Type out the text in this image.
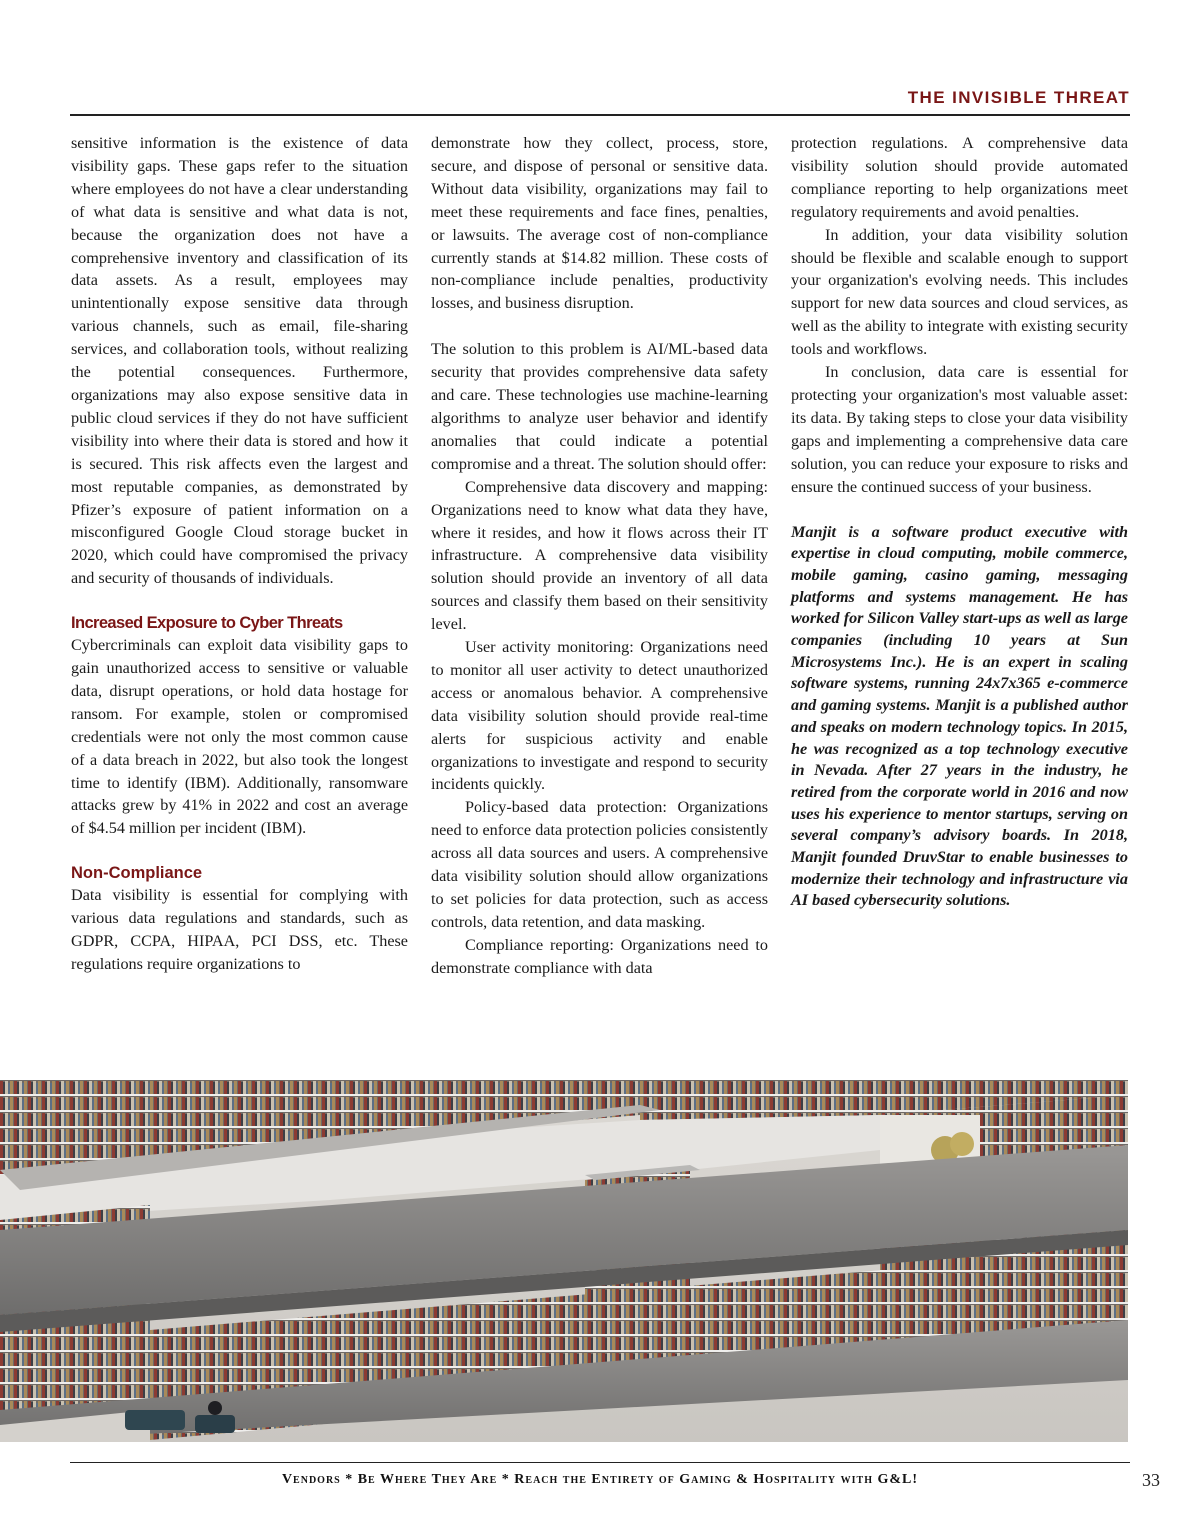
THE INVISIBLE THREAT

sensitive information is the existence of data visibility gaps. These gaps refer to the situation where employees do not have a clear understanding of what data is sensitive and what data is not, because the organization does not have a comprehensive inventory and classification of its data assets. As a result, employees may unintentionally expose sensitive data through various channels, such as email, file-sharing services, and collaboration tools, without realizing the potential consequences. Furthermore, organizations may also expose sensitive data in public cloud services if they do not have sufficient visibility into where their data is stored and how it is secured. This risk affects even the largest and most reputable companies, as demonstrated by Pfizer’s exposure of patient information on a misconfigured Google Cloud storage bucket in 2020, which could have compromised the privacy and security of thousands of individuals.

Increased Exposure to Cyber Threats

Cybercriminals can exploit data visibility gaps to gain unauthorized access to sensitive or valuable data, disrupt operations, or hold data hostage for ransom. For example, stolen or compromised credentials were not only the most common cause of a data breach in 2022, but also took the longest time to identify (IBM). Additionally, ransomware attacks grew by 41% in 2022 and cost an average of $4.54 million per incident (IBM).

Non-Compliance

Data visibility is essential for complying with various data regulations and standards, such as GDPR, CCPA, HIPAA, PCI DSS, etc. These regulations require organizations to

demonstrate how they collect, process, store, secure, and dispose of personal or sensitive data. Without data visibility, organizations may fail to meet these requirements and face fines, penalties, or lawsuits. The average cost of non-compliance currently stands at $14.82 million. These costs of non-compliance include penalties, productivity losses, and business disruption.

The solution to this problem is AI/ML-based data security that provides comprehensive data safety and care. These technologies use machine-learning algorithms to analyze user behavior and identify anomalies that could indicate a potential compromise and a threat. The solution should offer:

Comprehensive data discovery and mapping: Organizations need to know what data they have, where it resides, and how it flows across their IT infrastructure. A comprehensive data visibility solution should provide an inventory of all data sources and classify them based on their sensitivity level.

User activity monitoring: Organizations need to monitor all user activity to detect unauthorized access or anomalous behavior. A comprehensive data visibility solution should provide real-time alerts for suspicious activity and enable organizations to investigate and respond to security incidents quickly.

Policy-based data protection: Organizations need to enforce data protection policies consistently across all data sources and users. A comprehensive data visibility solution should allow organizations to set policies for data protection, such as access controls, data retention, and data masking.

Compliance reporting: Organizations need to demonstrate compliance with data

protection regulations. A comprehensive data visibility solution should provide automated compliance reporting to help organizations meet regulatory requirements and avoid penalties.

In addition, your data visibility solution should be flexible and scalable enough to support your organization's evolving needs. This includes support for new data sources and cloud services, as well as the ability to integrate with existing security tools and workflows.

In conclusion, data care is essential for protecting your organization's most valuable asset: its data. By taking steps to close your data visibility gaps and implementing a comprehensive data care solution, you can reduce your exposure to risks and ensure the continued success of your business.

Manjit is a software product executive with expertise in cloud computing, mobile commerce, mobile gaming, casino gaming, messaging platforms and systems management. He has worked for Silicon Valley start-ups as well as large companies (including 10 years at Sun Microsystems Inc.). He is an expert in scaling software systems, running 24x7x365 e-commerce and gaming systems. Manjit is a published author and speaks on modern technology topics. In 2015, he was recognized as a top technology executive in Nevada. After 27 years in the industry, he retired from the corporate world in 2016 and now uses his experience to mentor startups, serving on several company’s advisory boards. In 2018, Manjit founded DruvStar to enable businesses to modernize their technology and infrastructure via AI based cybersecurity solutions.

Vendors * Be Where They Are * Reach the Entirety of Gaming & Hospitality with G&L!	33
